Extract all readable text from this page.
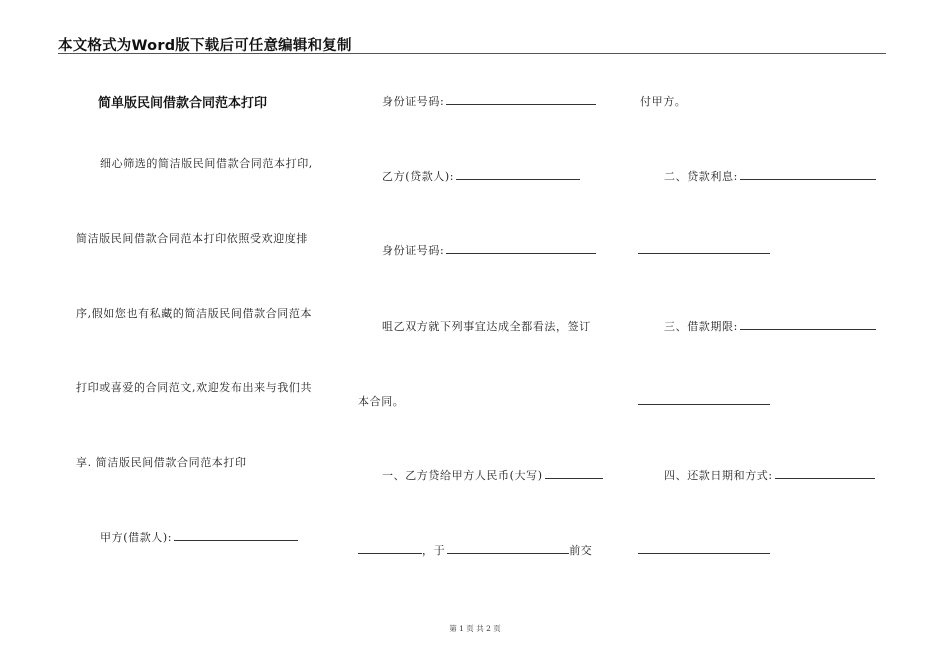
本文格式为Word版下载后可任意编辑和复制
简单版民间借款合同范本打印
细心筛选的简洁版民间借款合同范本打印,
简洁版民间借款合同范本打印依照受欢迎度排
序,假如您也有私藏的简洁版民间借款合同范本
打印或喜爱的合同范文,欢迎发布出来与我们共
享. 简洁版民间借款合同范本打印
甲方(借款人):
身份证号码:
乙方(贷款人):
身份证号码:
咀乙双方就下列事宜达成全都看法，签订
本合同。
一、乙方贷给甲方人民币(大写)
，于	前交
付甲方。
二、贷款利息:
三、借款期限:
四、还款日期和方式:
第 1 页 共 2 页
